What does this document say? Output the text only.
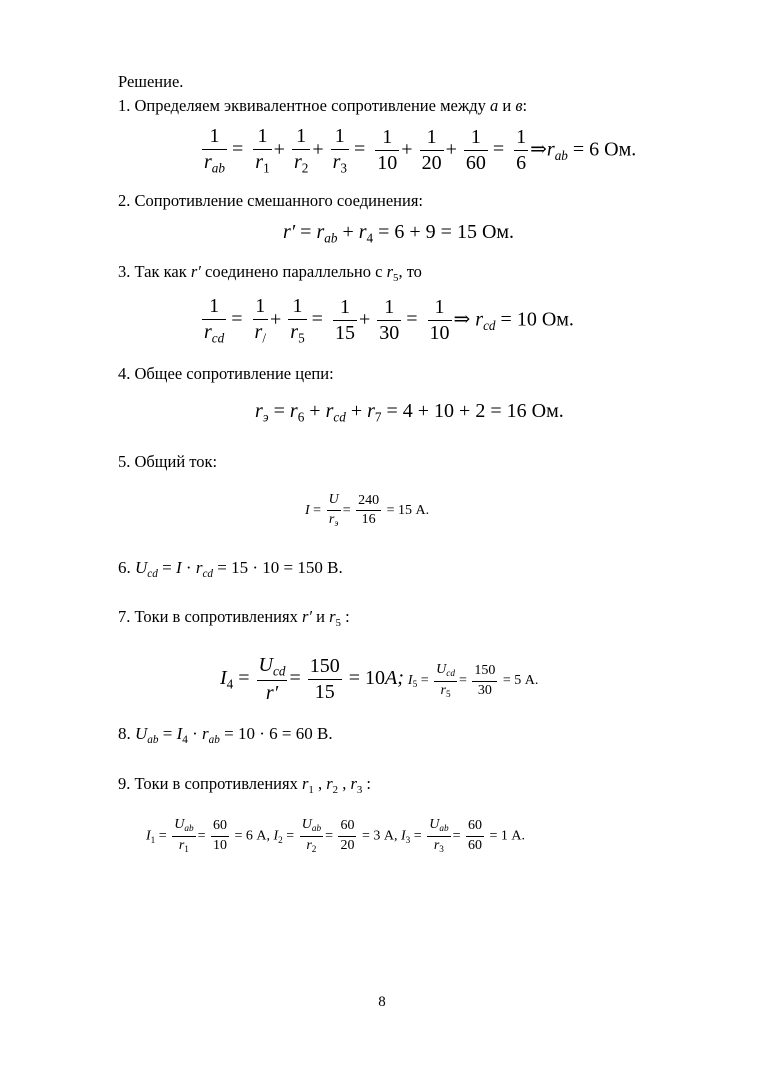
Решение.
1. Определяем эквивалентное сопротивление между а и в:
1
$r_{ab}$
= $\frac{1}{r_1} + \frac{1}{r_2} + \frac{1}{r_3} = \frac{1}{10} + \frac{1}{20} + \frac{1}{60} = \frac{1}{6}$ $\Rightarrow r_{ab} = 6$ Ом.
2. Сопротивление смешанного соединения:
$r' = r_{ab} + r_4 = 6 + 9 = 15$ Ом.
3. Так как r′ соединено параллельно с $r_5$, то
1
$r_{cd}$
= $\frac{1}{r_/} + \frac{1}{r_5} = \frac{1}{15} + \frac{1}{30} = \frac{1}{10}$ ⇒ $r_{cd} = 10$ Ом.
4. Общее сопротивление цепи:
$r_э = r_6 + r_{cd} + r_7 = 4 + 10 + 2 = 16$ Ом.
5. Общий ток:
I =
U
$r_э$
= $\frac{240}{16} = 15$ А.
6. $U_{cd} = I \cdot r_{cd} = 15 \cdot 10 = 150$ В.
7. Токи в сопротивлениях r′ и $r_5$ :
$I_4$ =
$U_{cd}$
r′
= $\frac{150}{15} = 10A$; $I_5$ =
$U_{cd}$
$r_5$
= $\frac{150}{30} = 5$ А.
8. $U_{ab} = I_4 \cdot r_{ab} = 10 \cdot 6 = 60$ В.
9. Токи в сопротивлениях $r_1$ , $r_2$ , $r_3$ :
$I_1$ =
$U_{ab}$
$r_1$
= $\frac{60}{10} = 6$ А, $I_2$ =
$U_{ab}$
$r_2$
= $\frac{60}{20} = 3$ А, $I_3$ =
$U_{ab}$
$r_3$
= $\frac{60}{60} = 1$ А.
8
